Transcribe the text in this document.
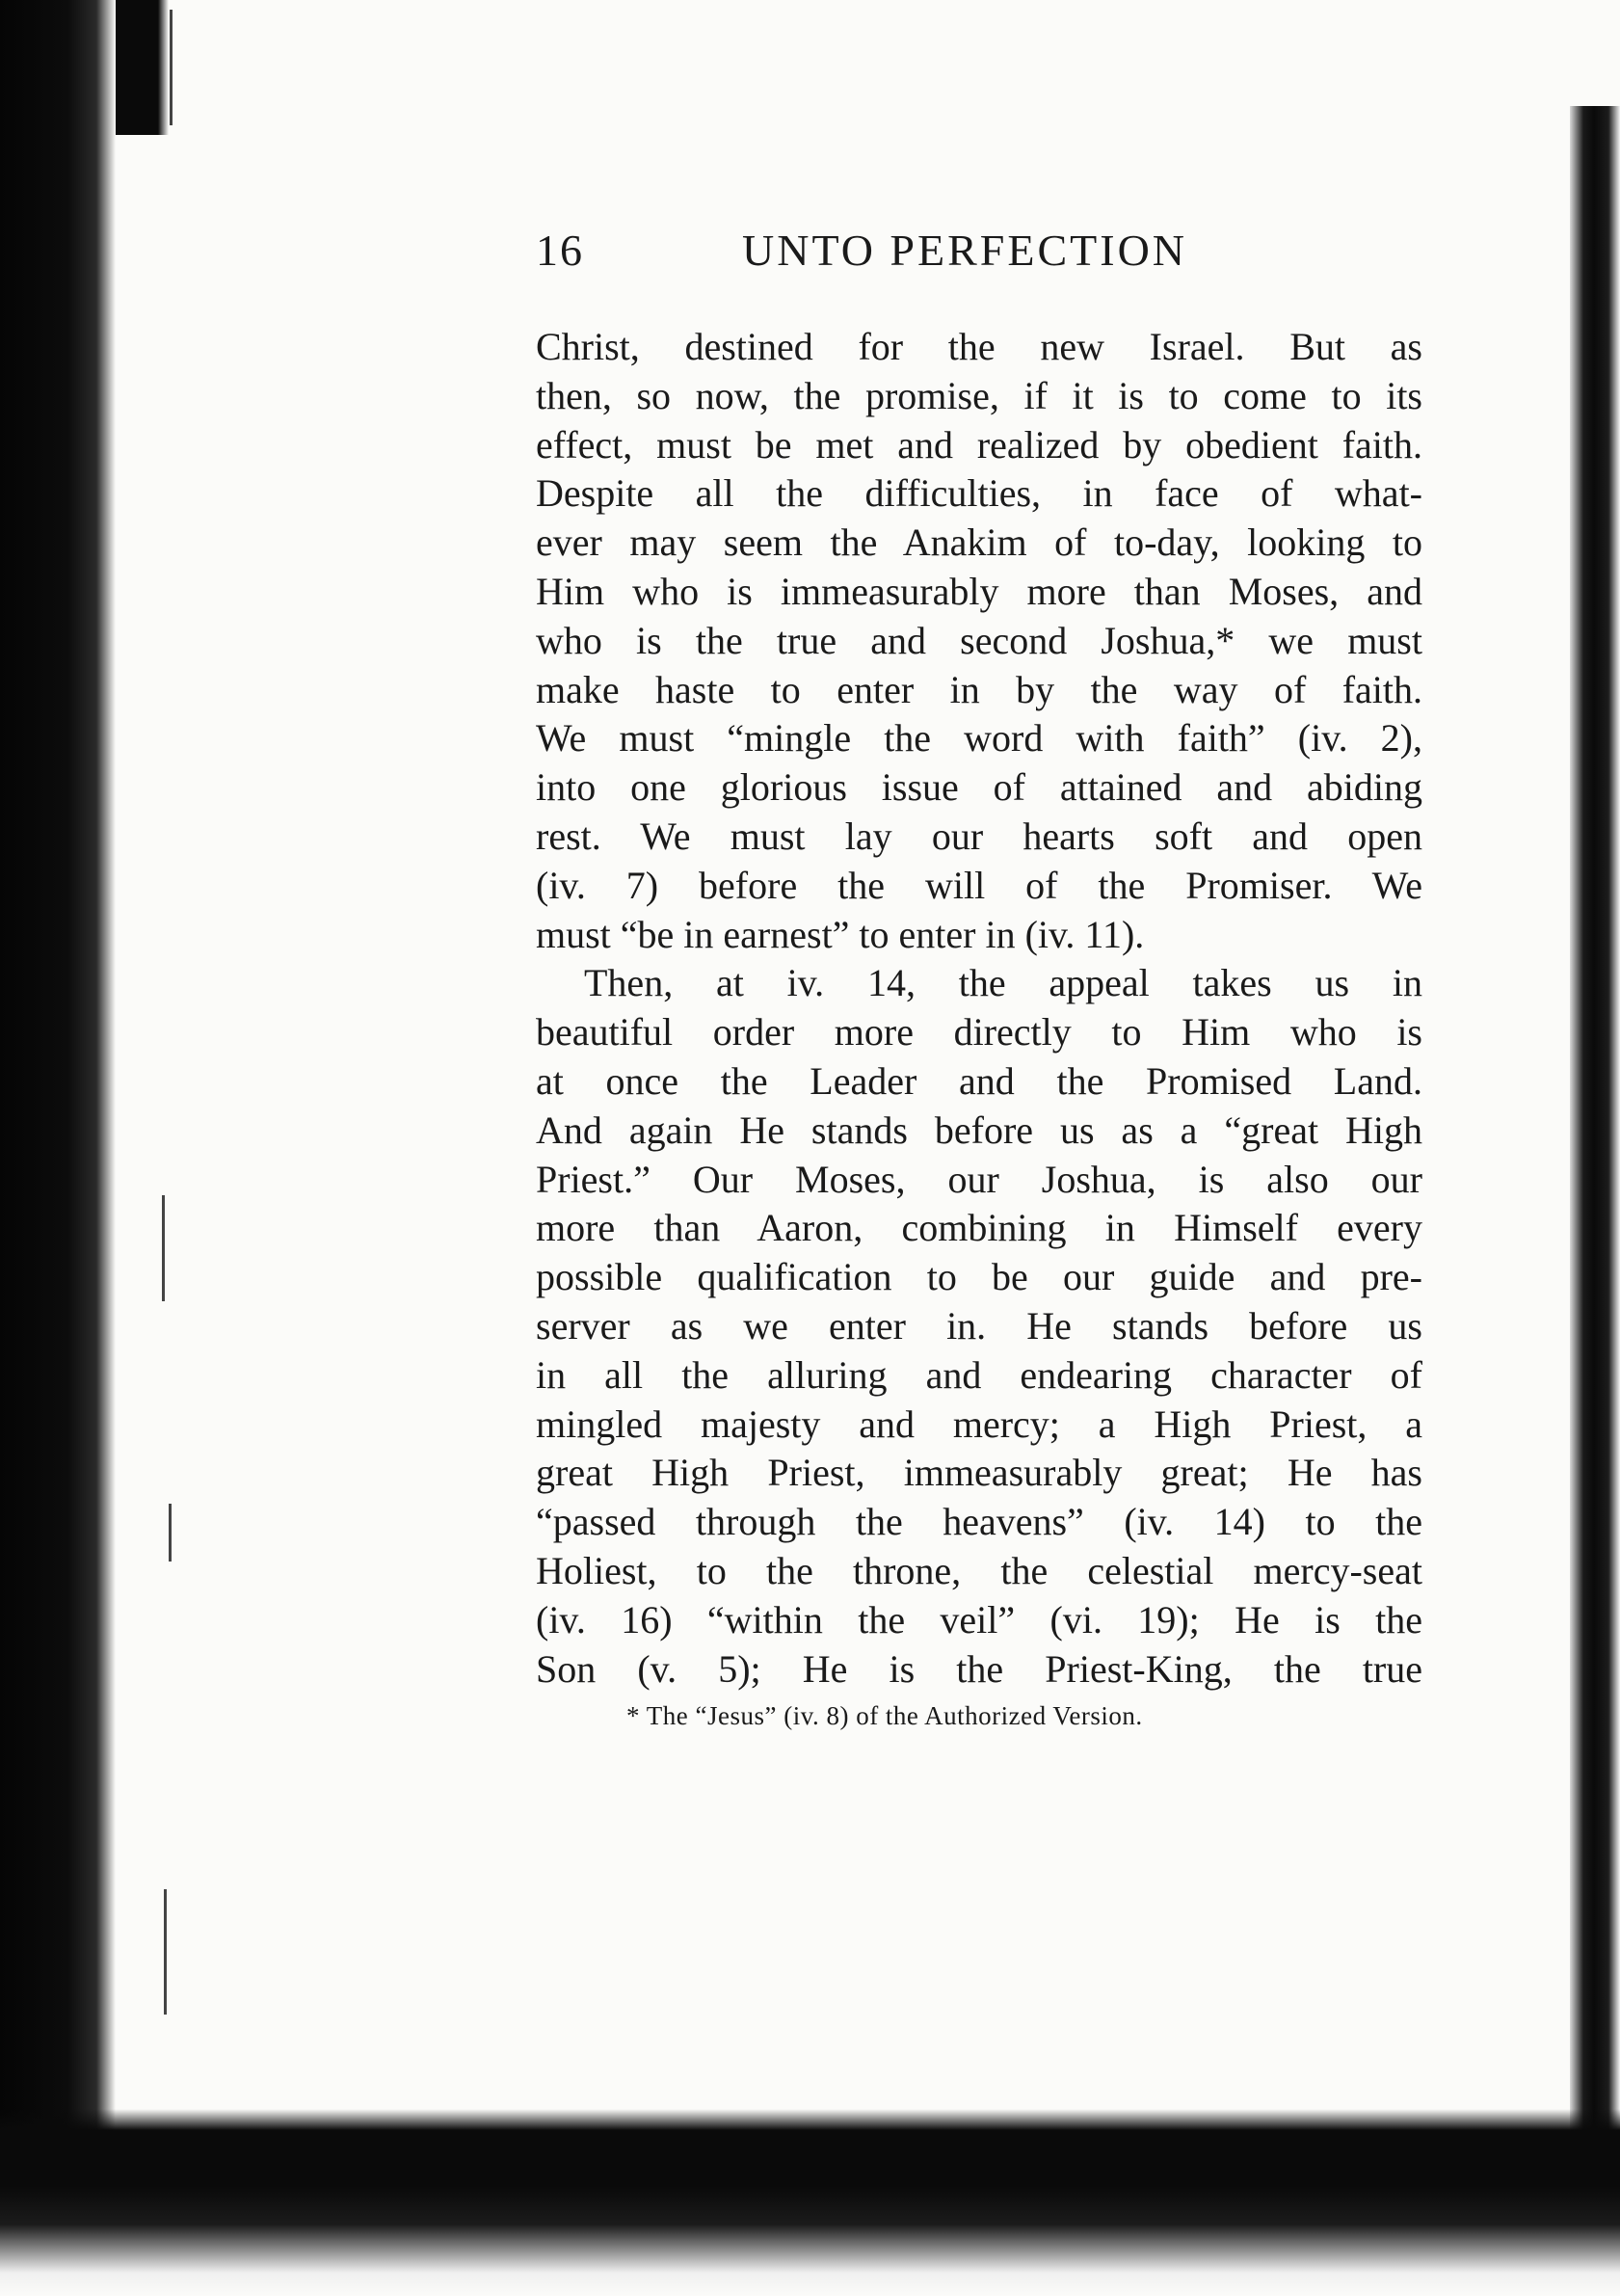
16	UNTO PERFECTION
Christ, destined for the new Israel. But as
then, so now, the promise, if it is to come to its
effect, must be met and realized by obedient faith.
Despite all the difficulties, in face of what-
ever may seem the Anakim of to-day, looking to
Him who is immeasurably more than Moses, and
who is the true and second Joshua,* we must
make haste to enter in by the way of faith.
We must “mingle the word with faith” (iv. 2),
into one glorious issue of attained and abiding
rest. We must lay our hearts soft and open
(iv. 7) before the will of the Promiser. We
must “be in earnest” to enter in (iv. 11).
Then, at iv. 14, the appeal takes us in
beautiful order more directly to Him who is
at once the Leader and the Promised Land.
And again He stands before us as a “great High
Priest.” Our Moses, our Joshua, is also our
more than Aaron, combining in Himself every
possible qualification to be our guide and pre-
server as we enter in. He stands before us
in all the alluring and endearing character of
mingled majesty and mercy; a High Priest, a
great High Priest, immeasurably great; He has
“passed through the heavens” (iv. 14) to the
Holiest, to the throne, the celestial mercy-seat
(iv. 16) “within the veil” (vi. 19); He is the
Son (v. 5); He is the Priest-King, the true
* The “Jesus” (iv. 8) of the Authorized Version.
